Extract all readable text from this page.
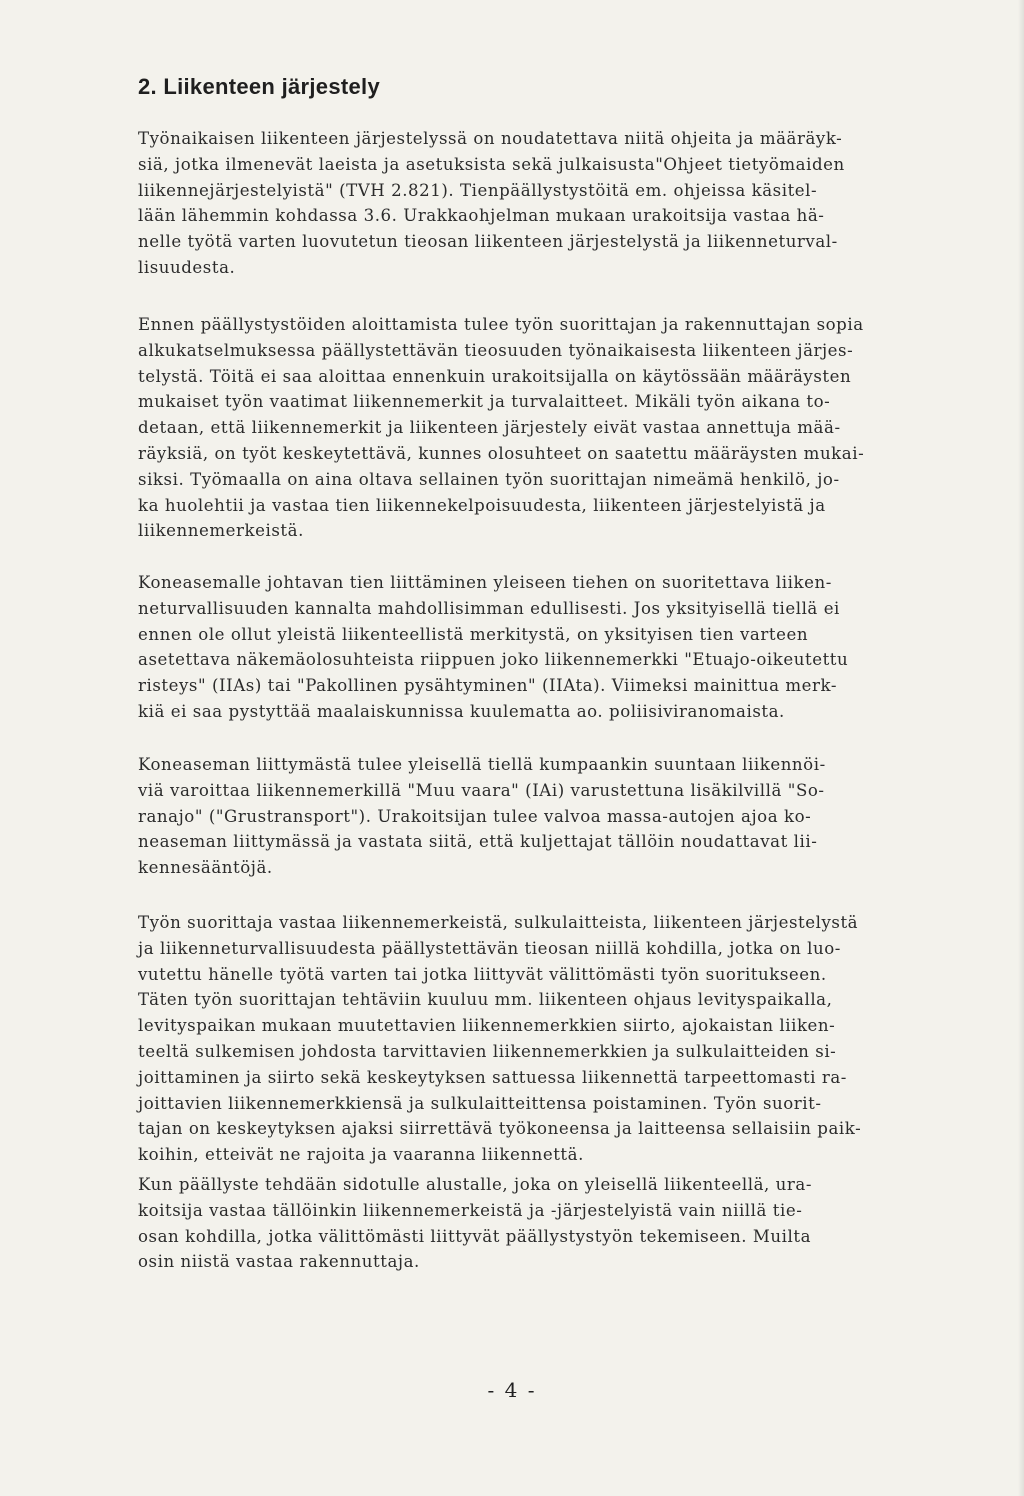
2. Liikenteen järjestely
Työnaikaisen liikenteen järjestelyssä on noudatettava niitä ohjeita ja määräyk-
siä, jotka ilmenevät laeista ja asetuksista sekä julkaisusta"Ohjeet tietyömaiden
liikennejärjestelyistä" (TVH 2.821). Tienpäällystystöitä em. ohjeissa käsitel-
lään lähemmin kohdassa 3.6. Urakkaohjelman mukaan urakoitsija vastaa hä-
nelle työtä varten luovutetun tieosan liikenteen järjestelystä ja liikenneturval-
lisuudesta.
Ennen päällystystöiden aloittamista tulee työn suorittajan ja rakennuttajan sopia
alkukatselmuksessa päällystettävän tieosuuden työnaikaisesta liikenteen järjes-
telystä. Töitä ei saa aloittaa ennenkuin urakoitsijalla on käytössään määräysten
mukaiset työn vaatimat liikennemerkit ja turvalaitteet. Mikäli työn aikana to-
detaan, että liikennemerkit ja liikenteen järjestely eivät vastaa annettuja mää-
räyksiä, on työt keskeytettävä, kunnes olosuhteet on saatettu määräysten mukai-
siksi. Työmaalla on aina oltava sellainen työn suorittajan nimeämä henkilö, jo-
ka huolehtii ja vastaa tien liikennekelpoisuudesta, liikenteen järjestelyistä ja
liikennemerkeistä.
Koneasemalle johtavan tien liittäminen yleiseen tiehen on suoritettava liiken-
neturvallisuuden kannalta mahdollisimman edullisesti. Jos yksityisellä tiellä ei
ennen ole ollut yleistä liikenteellistä merkitystä, on yksityisen tien varteen
asetettava näkemäolosuhteista riippuen joko liikennemerkki "Etuajo-oikeutettu
risteys" (IIAs) tai "Pakollinen pysähtyminen" (IIAta). Viimeksi mainittua merk-
kiä ei saa pystyttää maalaiskunnissa kuulematta ao. poliisiviranomaista.
Koneaseman liittymästä tulee yleisellä tiellä kumpaankin suuntaan liikennöi-
viä varoittaa liikennemerkillä "Muu vaara" (IAi) varustettuna lisäkilvillä "So-
ranajo" ("Grustransport"). Urakoitsijan tulee valvoa massa-autojen ajoa ko-
neaseman liittymässä ja vastata siitä, että kuljettajat tällöin noudattavat lii-
kennesääntöjä.
Työn suorittaja vastaa liikennemerkeistä, sulkulaitteista, liikenteen järjestelystä
ja liikenneturvallisuudesta päällystettävän tieosan niillä kohdilla, jotka on luo-
vutettu hänelle työtä varten tai jotka liittyvät välittömästi työn suoritukseen.
Täten työn suorittajan tehtäviin kuuluu mm. liikenteen ohjaus levityspaikalla,
levityspaikan mukaan muutettavien liikennemerkkien siirto, ajokaistan liiken-
teeltä sulkemisen johdosta tarvittavien liikennemerkkien ja sulkulaitteiden si-
joittaminen ja siirto sekä keskeytyksen sattuessa liikennettä tarpeettomasti ra-
joittavien liikennemerkkiensä ja sulkulaitteittensa poistaminen. Työn suorit-
tajan on keskeytyksen ajaksi siirrettävä työkoneensa ja laitteensa sellaisiin paik-
koihin, etteivät ne rajoita ja vaaranna liikennettä.
Kun päällyste tehdään sidotulle alustalle, joka on yleisellä liikenteellä, ura-
koitsija vastaa tällöinkin liikennemerkeistä ja -järjestelyistä vain niillä tie-
osan kohdilla, jotka välittömästi liittyvät päällystystyön tekemiseen. Muilta
osin niistä vastaa rakennuttaja.
- 4 -
